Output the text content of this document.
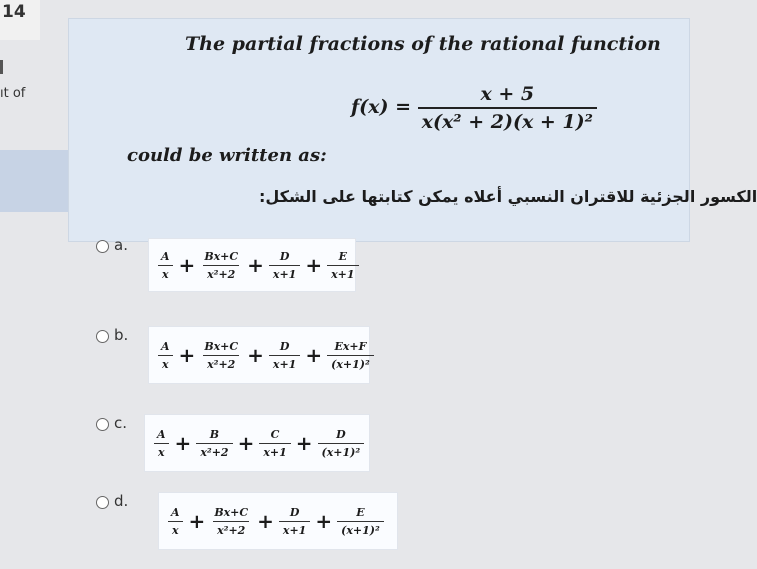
14
ıt of
The partial fractions of the rational function
$f(x) = \frac{x + 5}{\text{x(x² + 2)(x + 1)²}}$
could be written as:
الكسور الجزئية للاقتران النسبي أعلاه يمكن كتابتها على الشكل:
a.
$\frac{A}{x} + \frac{Bx+C}{\text{x²+2}} + \frac{D}{x+1} + \frac{E}{x+1}$
b.
$\frac{A}{x} + \frac{Bx+C}{\text{x²+2}} + \frac{D}{x+1} + \frac{Ex+F}{\text{(x+1)²}}$
c.
$\frac{A}{x} + \frac{B}{\text{x²+2}} + \frac{C}{x+1} + \frac{D}{\text{(x+1)²}}$
d.
$\frac{A}{x} + \frac{Bx+C}{\text{x²+2}} + \frac{D}{x+1} + \frac{E}{\text{(x+1)²}}$
